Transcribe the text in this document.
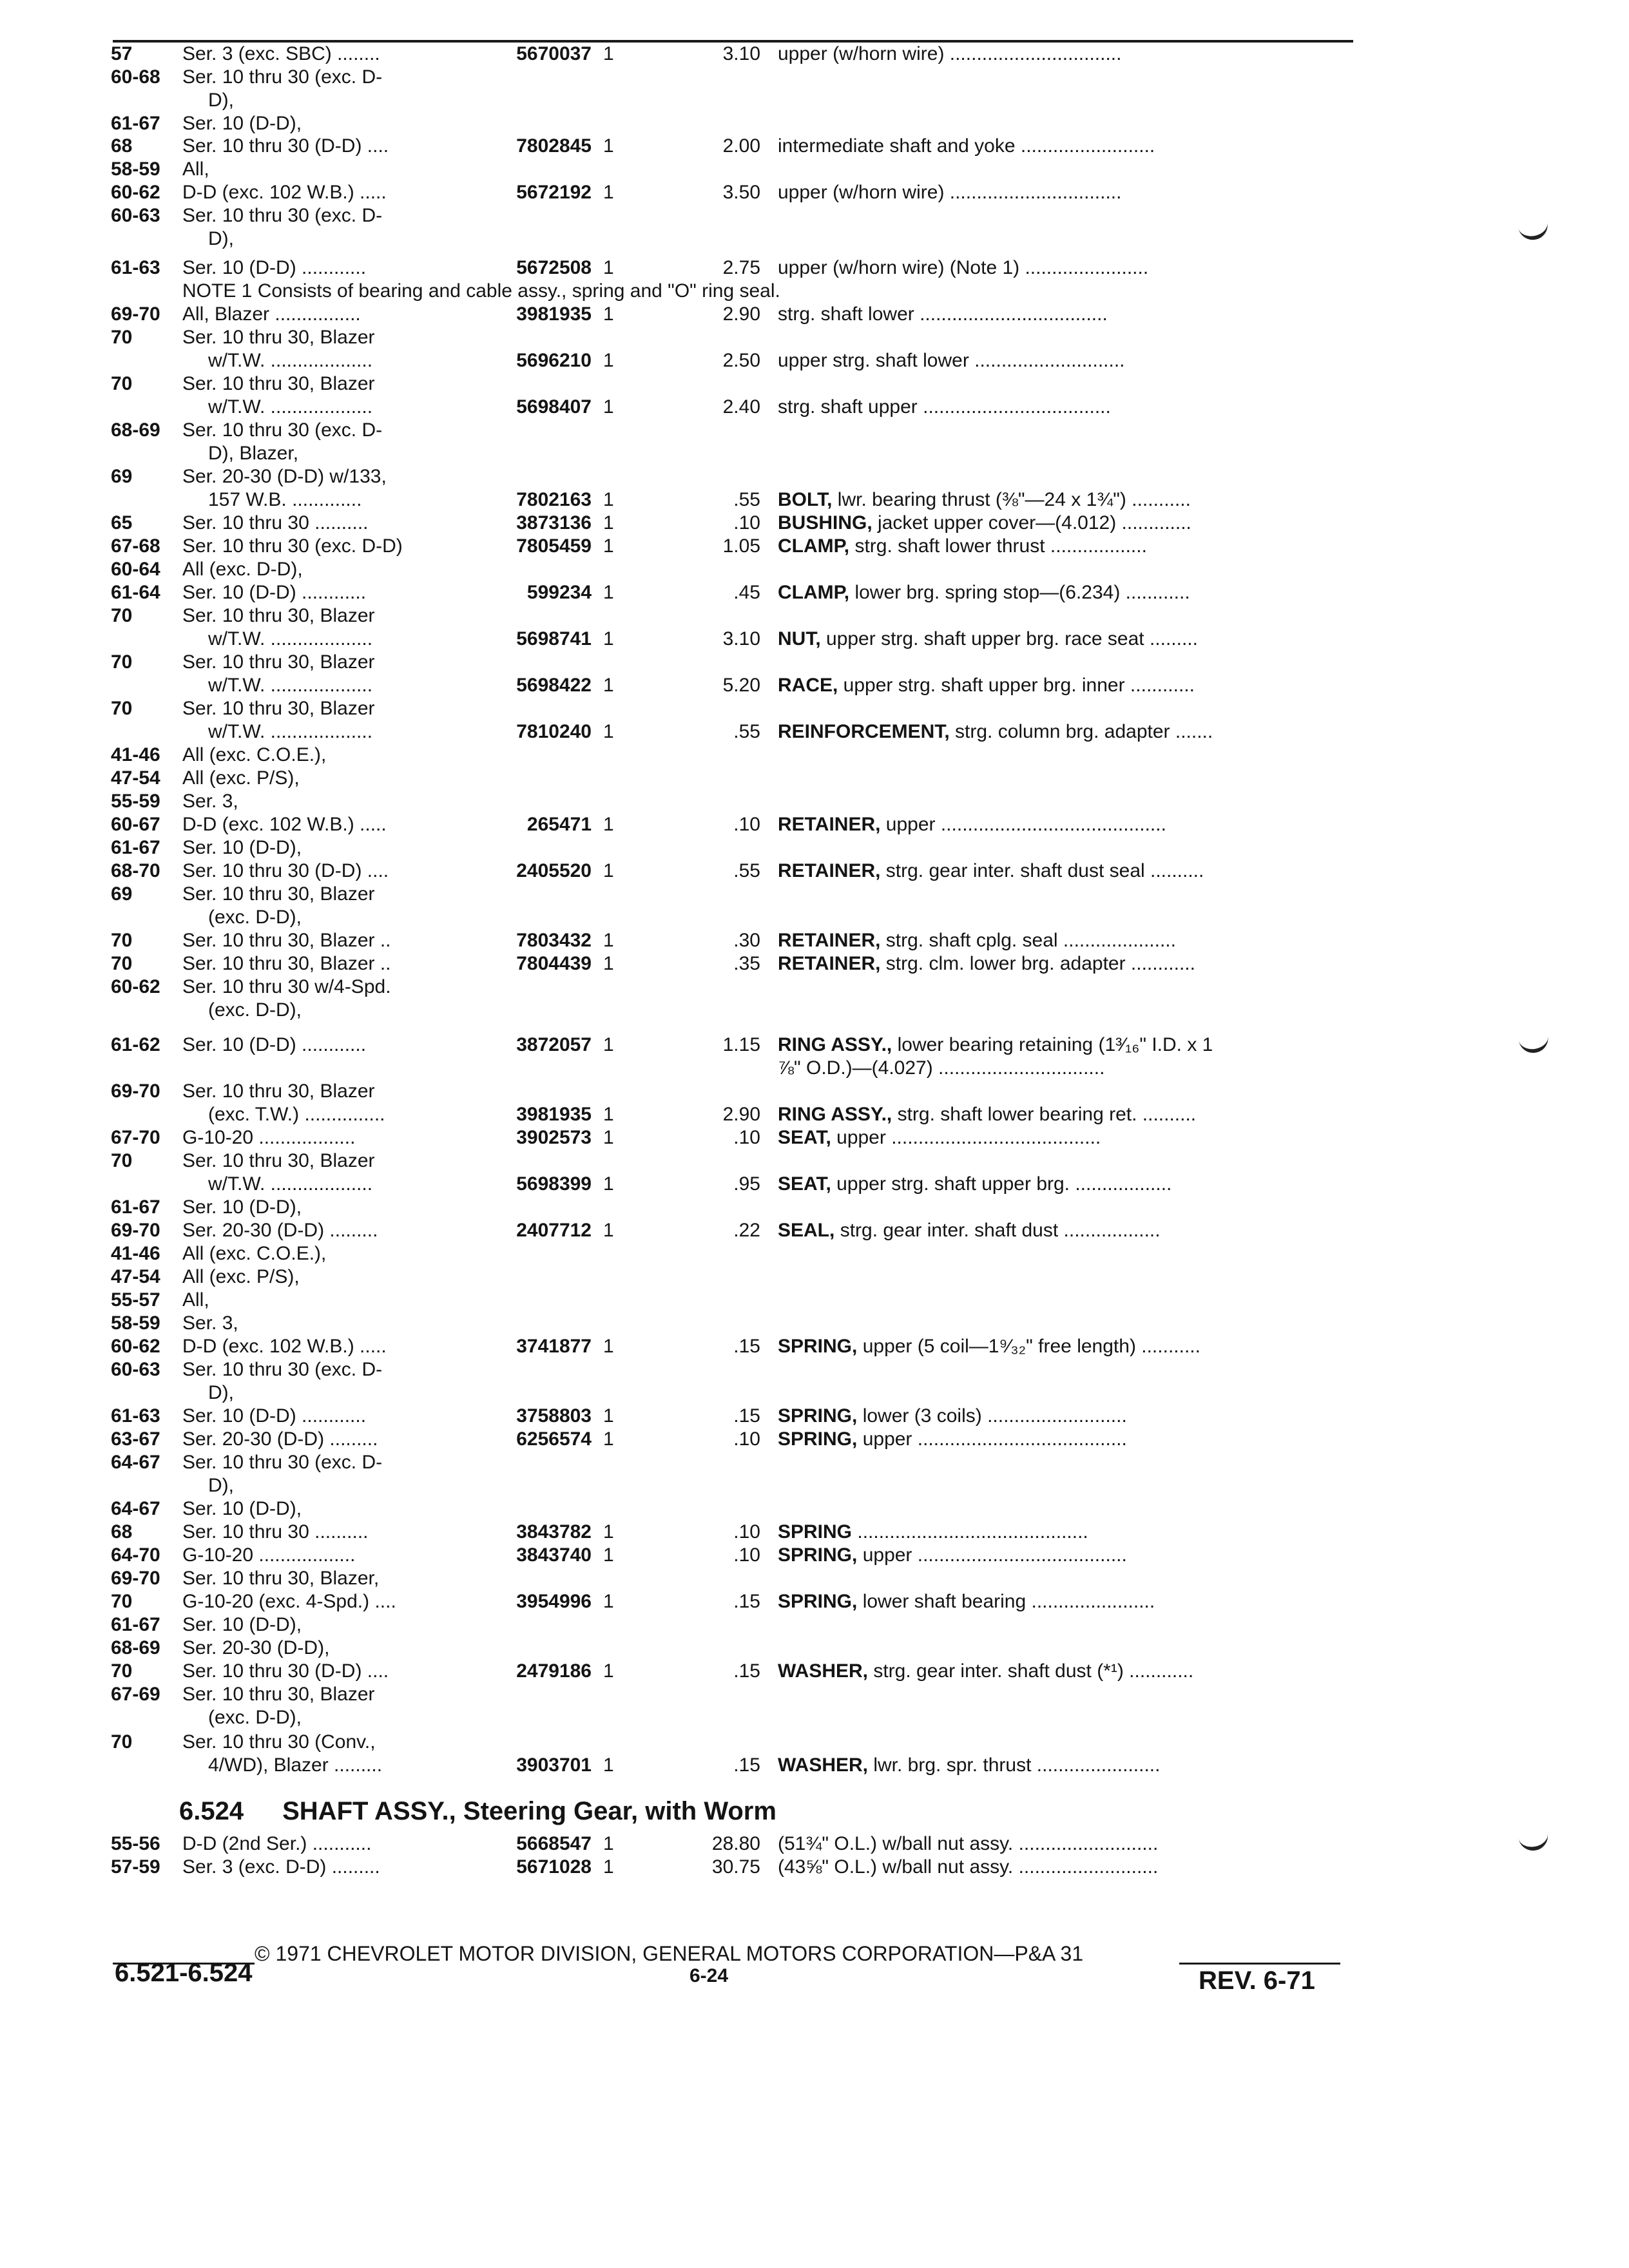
57	Ser. 3 (exc. SBC) ........	5670037 1	3.10 upper (w/horn wire) ................................
60-68	Ser. 10 thru 30 (exc. D-
D),
61-67	Ser. 10 (D-D),
68	Ser. 10 thru 30 (D-D) ....	7802845 1	2.00 intermediate shaft and yoke .........................
58-59	All,
60-62	D-D (exc. 102 W.B.) .....	5672192 1	3.50 upper (w/horn wire) ................................
60-63	Ser. 10 thru 30 (exc. D-
D),
61-63	Ser. 10 (D-D) ............	5672508 1	2.75 upper (w/horn wire) (Note 1) .......................
69-70	All, Blazer ................	3981935 1	2.90 strg. shaft lower ...................................
70	Ser. 10 thru 30, Blazer
w/T.W. ...................	5696210 1	2.50 upper strg. shaft lower ............................
70	Ser. 10 thru 30, Blazer
w/T.W. ...................	5698407 1	2.40 strg. shaft upper ...................................
68-69	Ser. 10 thru 30 (exc. D-
D), Blazer,
69	Ser. 20-30 (D-D) w/133,
157 W.B. .............	7802163 1	.55 BOLT, lwr. bearing thrust (⅜"—24 x 1¾") ...........
65	Ser. 10 thru 30 ..........	3873136 1	.10 BUSHING, jacket upper cover—(4.012) .............
67-68	Ser. 10 thru 30 (exc. D-D)	7805459 1	1.05 CLAMP, strg. shaft lower thrust ..................
60-64	All (exc. D-D),
61-64	Ser. 10 (D-D) ............	599234 1	.45 CLAMP, lower brg. spring stop—(6.234) ............
70	Ser. 10 thru 30, Blazer
w/T.W. ...................	5698741 1	3.10 NUT, upper strg. shaft upper brg. race seat .........
70	Ser. 10 thru 30, Blazer
w/T.W. ...................	5698422 1	5.20 RACE, upper strg. shaft upper brg. inner ............
70	Ser. 10 thru 30, Blazer
w/T.W. ...................	7810240 1	.55 REINFORCEMENT, strg. column brg. adapter .......
41-46	All (exc. C.O.E.),
47-54	All (exc. P/S),
55-59	Ser. 3,
60-67	D-D (exc. 102 W.B.) .....	265471 1	.10 RETAINER, upper ..........................................
61-67	Ser. 10 (D-D),
68-70	Ser. 10 thru 30 (D-D) ....	2405520 1	.55 RETAINER, strg. gear inter. shaft dust seal ..........
69	Ser. 10 thru 30, Blazer
(exc. D-D),
70	Ser. 10 thru 30, Blazer ..	7803432 1	.30 RETAINER, strg. shaft cplg. seal .....................
70	Ser. 10 thru 30, Blazer ..	7804439 1	.35 RETAINER, strg. clm. lower brg. adapter ............
60-62	Ser. 10 thru 30 w/4-Spd.
(exc. D-D),
61-62	Ser. 10 (D-D) ............	3872057 1	1.15 RING ASSY., lower bearing retaining (1³⁄₁₆" I.D. x 1
⅞" O.D.)—(4.027) ...............................
69-70	Ser. 10 thru 30, Blazer
(exc. T.W.) ...............	3981935 1	2.90 RING ASSY., strg. shaft lower bearing ret. ..........
67-70	G-10-20 ..................	3902573 1	.10 SEAT, upper .......................................
70	Ser. 10 thru 30, Blazer
w/T.W. ...................	5698399 1	.95 SEAT, upper strg. shaft upper brg. ..................
61-67	Ser. 10 (D-D),
69-70	Ser. 20-30 (D-D) .........	2407712 1	.22 SEAL, strg. gear inter. shaft dust ..................
41-46	All (exc. C.O.E.),
47-54	All (exc. P/S),
55-57	All,
58-59	Ser. 3,
60-62	D-D (exc. 102 W.B.) .....	3741877 1	.15 SPRING, upper (5 coil—1⁹⁄₃₂" free length) ...........
60-63	Ser. 10 thru 30 (exc. D-
D),
61-63	Ser. 10 (D-D) ............	3758803 1	.15 SPRING, lower (3 coils) ..........................
63-67	Ser. 20-30 (D-D) .........	6256574 1	.10 SPRING, upper .......................................
64-67	Ser. 10 thru 30 (exc. D-
D),
64-67	Ser. 10 (D-D),
68	Ser. 10 thru 30 ..........	3843782 1	.10 SPRING ...........................................
64-70	G-10-20 ..................	3843740 1	.10 SPRING, upper .......................................
69-70	Ser. 10 thru 30, Blazer,
70	G-10-20 (exc. 4-Spd.) ....	3954996 1	.15 SPRING, lower shaft bearing .......................
61-67	Ser. 10 (D-D),
68-69	Ser. 20-30 (D-D),
70	Ser. 10 thru 30 (D-D) ....	2479186 1	.15 WASHER, strg. gear inter. shaft dust (*¹) ............
67-69	Ser. 10 thru 30, Blazer
(exc. D-D),
70	Ser. 10 thru 30 (Conv.,
4/WD), Blazer .........	3903701 1	.15 WASHER, lwr. brg. spr. thrust .......................
55-56	D-D (2nd Ser.) ...........	5668547 1	28.80 (51¾" O.L.) w/ball nut assy. ..........................
57-59	Ser. 3 (exc. D-D) .........	5671028 1	30.75 (43⅝" O.L.) w/ball nut assy. ..........................
NOTE 1 Consists of bearing and cable assy., spring and "O" ring seal.
6.524 SHAFT ASSY., Steering Gear, with Worm
© 1971 CHEVROLET MOTOR DIVISION, GENERAL MOTORS CORPORATION—P&A 31
6.521-6.524	6-24	REV. 6-71
